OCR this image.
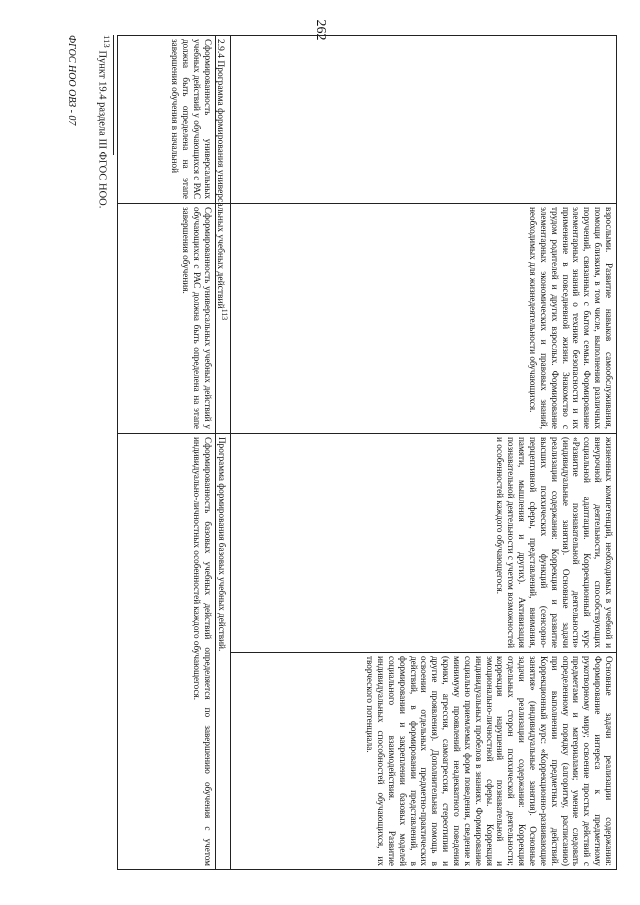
262

взрослыми. Развитие навыков самообслуживания, помощи близким, в том числе, выполнения различных поручений, связанных с бытом семьи. Формирование элементарных знаний о технике безопасности и их применение в повседневной жизни. Знакомство с трудом родителей и других взрослых. Формирование элементарных экономических и правовых знаний, необходимых для жизнедеятельности обучающихся.

жизненных компетенций, необходимых в учебной и внеурочной деятельности, способствующих социальной адаптации. Коррекционный курс «Развитие познавательной деятельности» (индивидуальные занятия). Основные задачи реализации содержания: Коррекция и развитие высших психических функций (сенсорно-перцептивной сферы, представлений, внимания, памяти, мышления и других). Активизация познавательной деятельности с учетом возможностей и особенностей каждого обучающегося.

Основные задачи реализации содержания: Формирование интереса к предметному рукотворному миру; освоение простых действий с предметами и материалами; умение следовать определенному порядку (алгоритму, расписанию) при выполнении предметных действий. Коррекционный курс: «Коррекционно-развивающие занятия» (индивидуальные занятия). Основные задачи реализации содержания: Коррекция отдельных сторон психической деятельности; коррекция нарушений познавательной и эмоционально-личностной сферы. Коррекция индивидуальных пробелов в знаниях. Формирование социально приемлемых форм поведения, сведение к минимуму проявлений неадекватного поведения (крики, агрессия, самоагрессия, стереотипии и другие проявления). Дополнительная помощь в освоении отдельных предметно-практических действий, в формировании представлений, в формировании и закреплении базовых моделей социального взаимодействия. Развитие индивидуальных способностей обучающихся, их творческого потенциала.

2.9.4 Программа формирования универсальных учебных действий$^{113}$
Сформированность универсальных учебных действий у обучающихся с РАС должна быть определена на этапе завершения обучения в начальной
Сформированность универсальных учебных действий у обучающихся с РАС должна быть определена на этапе завершения обучения.
Программа формирования базовых учебных действий.
Сформированность базовых учебных действий определяется по завершению обучения с учетом индивидуально-личностных особенностей каждого обучающегося.
$^{113}$ Пункт 19.4 раздела III ФГОС НОО.
ФГОС НОО ОВЗ - 07
